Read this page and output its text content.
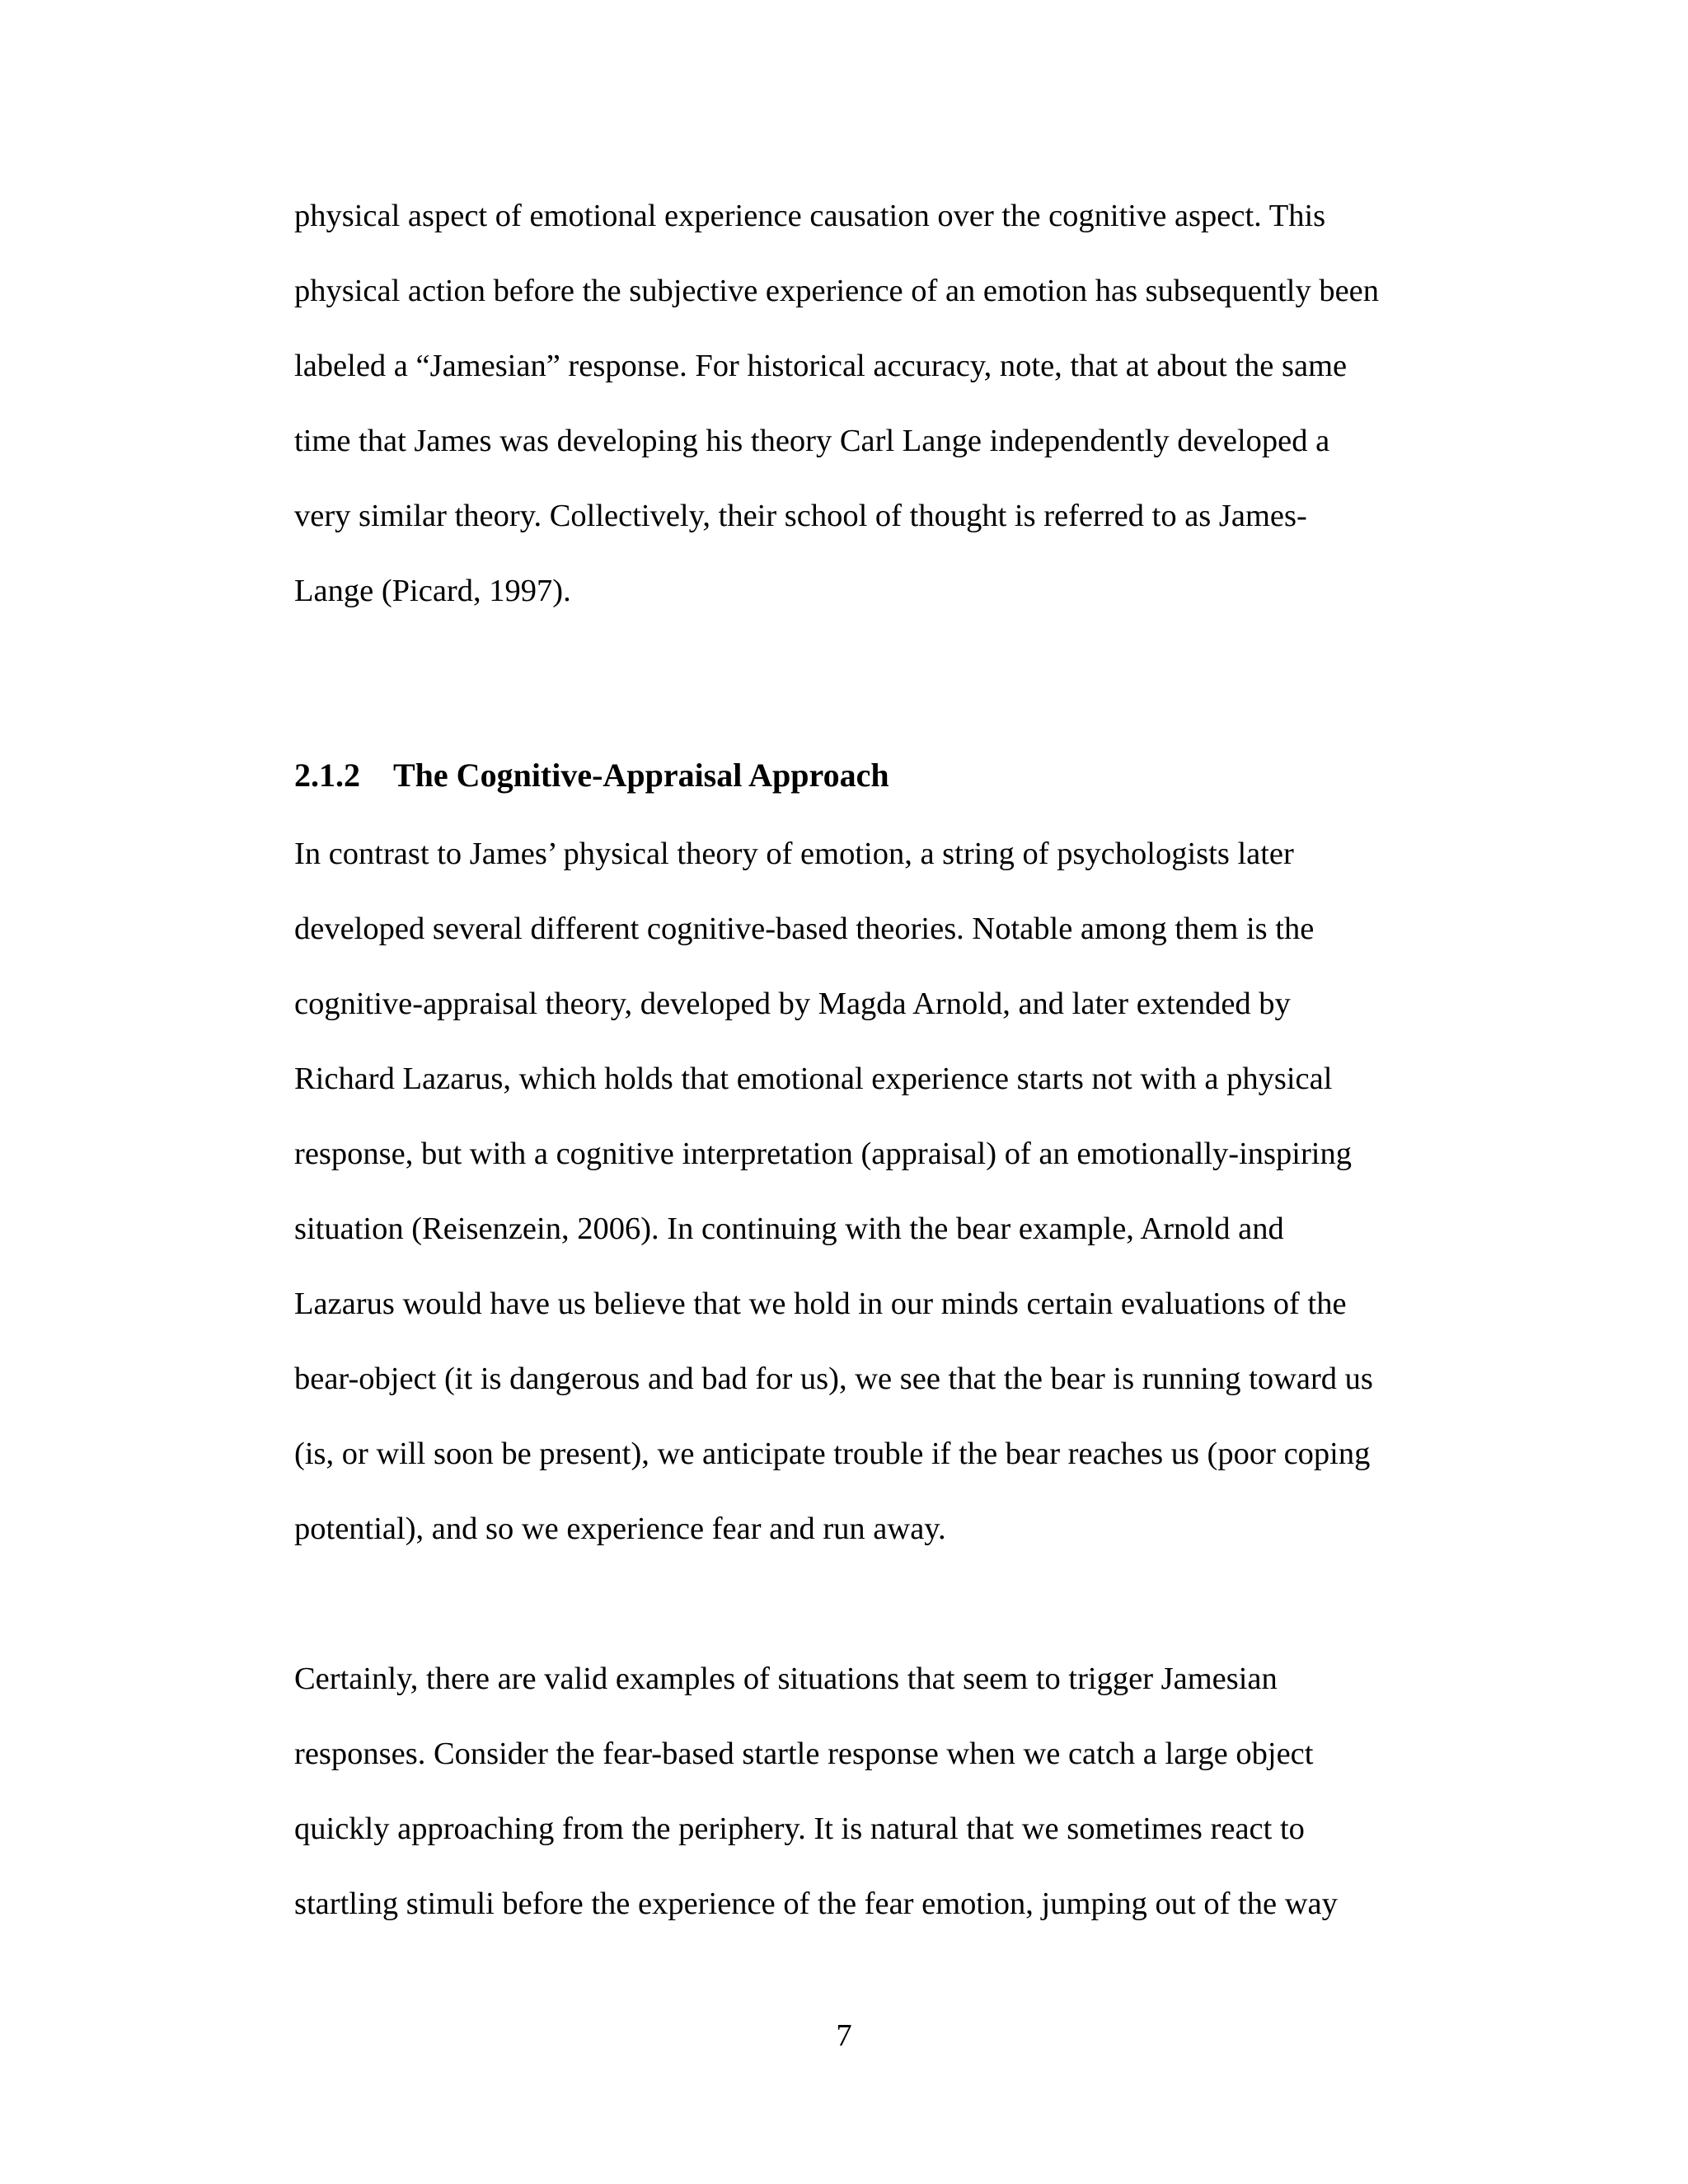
physical aspect of emotional experience causation over the cognitive aspect. This

physical action before the subjective experience of an emotion has subsequently been

labeled a “Jamesian” response. For historical accuracy, note, that at about the same

time that James was developing his theory Carl Lange independently developed a

very similar theory. Collectively, their school of thought is referred to as James-

Lange (Picard, 1997).

2.1.2 The Cognitive-Appraisal Approach

In contrast to James’ physical theory of emotion, a string of psychologists later

developed several different cognitive-based theories. Notable among them is the

cognitive-appraisal theory, developed by Magda Arnold, and later extended by

Richard Lazarus, which holds that emotional experience starts not with a physical

response, but with a cognitive interpretation (appraisal) of an emotionally-inspiring

situation (Reisenzein, 2006). In continuing with the bear example, Arnold and

Lazarus would have us believe that we hold in our minds certain evaluations of the

bear-object (it is dangerous and bad for us), we see that the bear is running toward us

(is, or will soon be present), we anticipate trouble if the bear reaches us (poor coping

potential), and so we experience fear and run away.

Certainly, there are valid examples of situations that seem to trigger Jamesian

responses. Consider the fear-based startle response when we catch a large object

quickly approaching from the periphery. It is natural that we sometimes react to

startling stimuli before the experience of the fear emotion, jumping out of the way

7
